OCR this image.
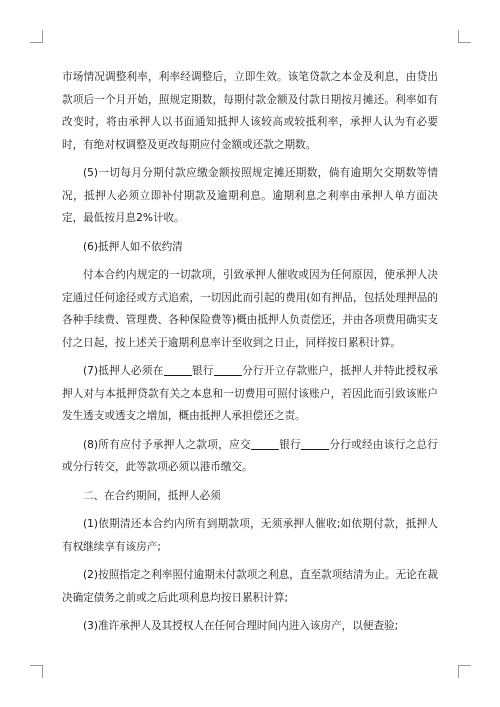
市场情况调整利率，利率经调整后，立即生效。该笔贷款之本金及利息，由贷出款项后一个月开始，照规定期数，每期付款金额及付款日期按月摊还。利率如有改变时，将由承押人以书面通知抵押人该较高或较抵利率，承押人认为有必要时，有绝对权调整及更改每期应付金额或还款之期数。

(5)一切每月分期付款应缴金额按照规定摊还期数，倘有逾期欠交期数等情况，抵押人必须立即补付期款及逾期利息。逾期利息之利率由承押人单方面决定，最低按月息2%计收。

(6)抵押人如不依约清

付本合约内规定的一切款项，引致承押人催收或因为任何原因，使承押人决定通过任何途径或方式追索，一切因此而引起的费用(如有押品，包括处理押品的各种手续费、管理费、各种保险费等)概由抵押人负责偿还，并由各项费用确实支付之日起，按上述关于逾期利息率计至收到之日止，同样按日累积计算。

(7)抵押人必须在	银行	分行开立存款账户，抵押人并特此授权承押人对与本抵押贷款有关之本息和一切费用可照付该账户，若因此而引致该账户发生透支或透支之增加，概由抵押人承担偿还之责。

(8)所有应付予承押人之款项，应交	银行	分行或经由该行之总行或分行转交，此等款项必须以港币缴交。

二、在合约期间，抵押人必须

(1)依期清还本合约内所有到期款项，无须承押人催收;如依期付款，抵押人有权继续享有该房产;

(2)按照指定之利率照付逾期未付款项之利息，直至款项结清为止。无论在裁决确定债务之前或之后此项利息均按日累积计算;

(3)准许承押人及其授权人在任何合理时间内进入该房产，以便查验;
